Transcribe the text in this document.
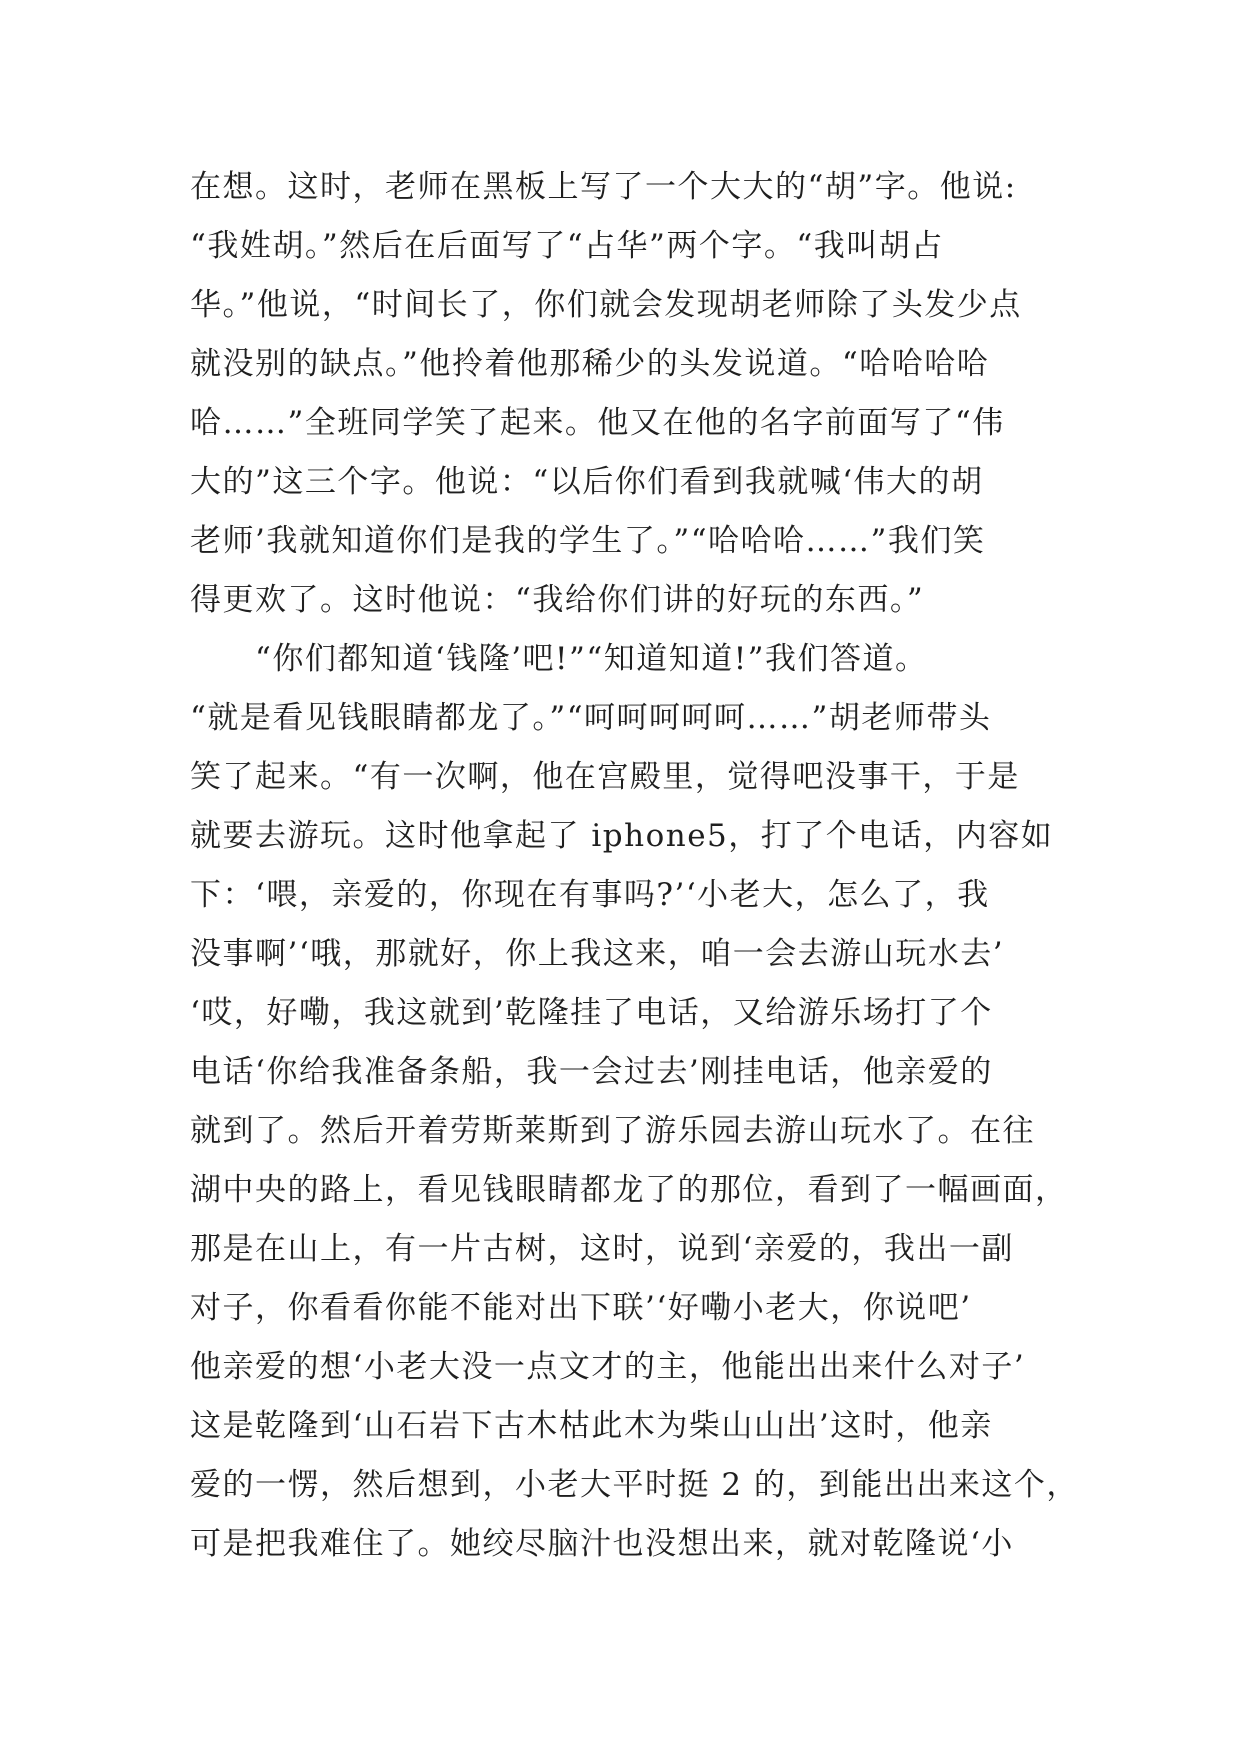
在想。这时，老师在黑板上写了一个大大的“胡”字。他说:
“我姓胡。”然后在后面写了“占华”两个字。“我叫胡占
华。”他说，“时间长了，你们就会发现胡老师除了头发少点
就没别的缺点。”他拎着他那稀少的头发说道。“哈哈哈哈
哈……”全班同学笑了起来。他又在他的名字前面写了“伟
大的”这三个字。他说：“以后你们看到我就喊‘伟大的胡
老师’我就知道你们是我的学生了。”“哈哈哈……”我们笑
得更欢了。这时他说：“我给你们讲的好玩的东西。”
　　“你们都知道‘钱隆’吧!”“知道知道!”我们答道。
“就是看见钱眼睛都龙了。”“呵呵呵呵呵……”胡老师带头
笑了起来。“有一次啊，他在宫殿里，觉得吧没事干，于是
就要去游玩。这时他拿起了 iphone5，打了个电话，内容如
下：‘喂，亲爱的，你现在有事吗?’‘小老大，怎么了，我
没事啊’‘哦，那就好，你上我这来，咱一会去游山玩水去’
‘哎，好嘞，我这就到’乾隆挂了电话，又给游乐场打了个
电话‘你给我准备条船，我一会过去’刚挂电话，他亲爱的
就到了。然后开着劳斯莱斯到了游乐园去游山玩水了。在往
湖中央的路上，看见钱眼睛都龙了的那位，看到了一幅画面，
那是在山上，有一片古树，这时，说到‘亲爱的，我出一副
对子，你看看你能不能对出下联’‘好嘞小老大，你说吧’
他亲爱的想‘小老大没一点文才的主，他能出出来什么对子’
这是乾隆到‘山石岩下古木枯此木为柴山山出’这时，他亲
爱的一愣，然后想到，小老大平时挺 2 的，到能出出来这个，
可是把我难住了。她绞尽脑汁也没想出来，就对乾隆说‘小
